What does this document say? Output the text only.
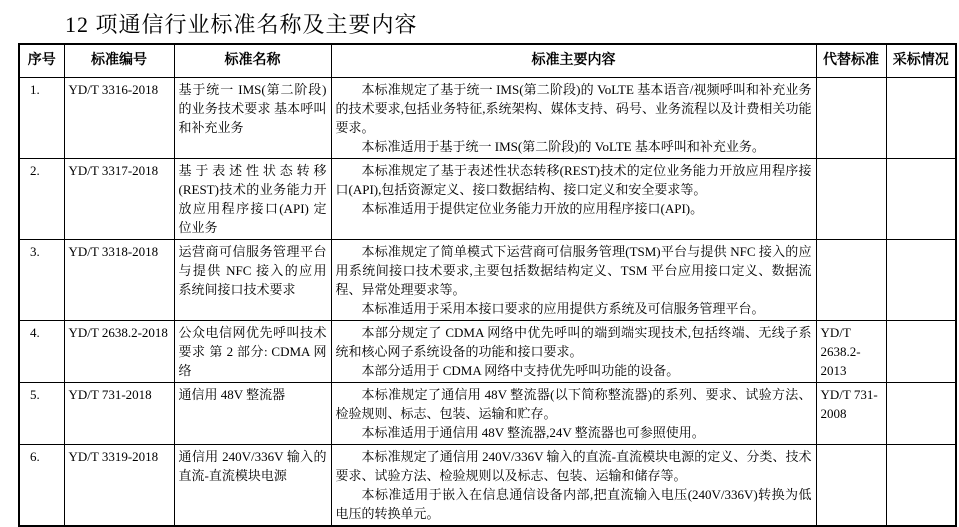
12 项通信行业标准名称及主要内容
序号	标准编号	标准名称	标准主要内容	代替标准	采标情况
1.	YD/T 3316-2018	基于统一 IMS(第二阶段)的业务技术要求 基本呼叫和补充业务	本标准规定了基于统一 IMS(第二阶段)的 VoLTE 基本语音/视频呼叫和补充业务的技术要求,包括业务特征,系统架构、媒体支持、码号、业务流程以及计费相关功能要求。

本标准适用于基于统一 IMS(第二阶段)的 VoLTE 基本呼叫和补充业务。		

2.	YD/T 3317-2018	基于表述性状态转移(REST)技术的业务能力开放应用程序接口(API) 定位业务	本标准规定了基于表述性状态转移(REST)技术的定位业务能力开放应用程序接口(API),包括资源定义、接口数据结构、接口定义和安全要求等。

本标准适用于提供定位业务能力开放的应用程序接口(API)。		

3.	YD/T 3318-2018	运营商可信服务管理平台与提供 NFC 接入的应用系统间接口技术要求	本标准规定了简单模式下运营商可信服务管理(TSM)平台与提供 NFC 接入的应用系统间接口技术要求,主要包括数据结构定义、TSM 平台应用接口定义、数据流程、异常处理要求等。

本标准适用于采用本接口要求的应用提供方系统及可信服务管理平台。		

4.	YD/T 2638.2-2018	公众电信网优先呼叫技术要求 第 2 部分: CDMA 网络	本部分规定了 CDMA 网络中优先呼叫的端到端实现技术,包括终端、无线子系统和核心网子系统设备的功能和接口要求。

本部分适用于 CDMA 网络中支持优先呼叫功能的设备。	YD/T 2638.2-2013	
5.	YD/T 731-2018	通信用 48V 整流器	本标准规定了通信用 48V 整流器(以下简称整流器)的系列、要求、试验方法、检验规则、标志、包装、运输和贮存。

本标准适用于通信用 48V 整流器,24V 整流器也可参照使用。	YD/T 731-2008	
6.	YD/T 3319-2018	通信用 240V/336V 输入的直流-直流模块电源	本标准规定了通信用 240V/336V 输入的直流-直流模块电源的定义、分类、技术要求、试验方法、检验规则以及标志、包装、运输和储存等。

本标准适用于嵌入在信息通信设备内部,把直流输入电压(240V/336V)转换为低电压的转换单元。		
